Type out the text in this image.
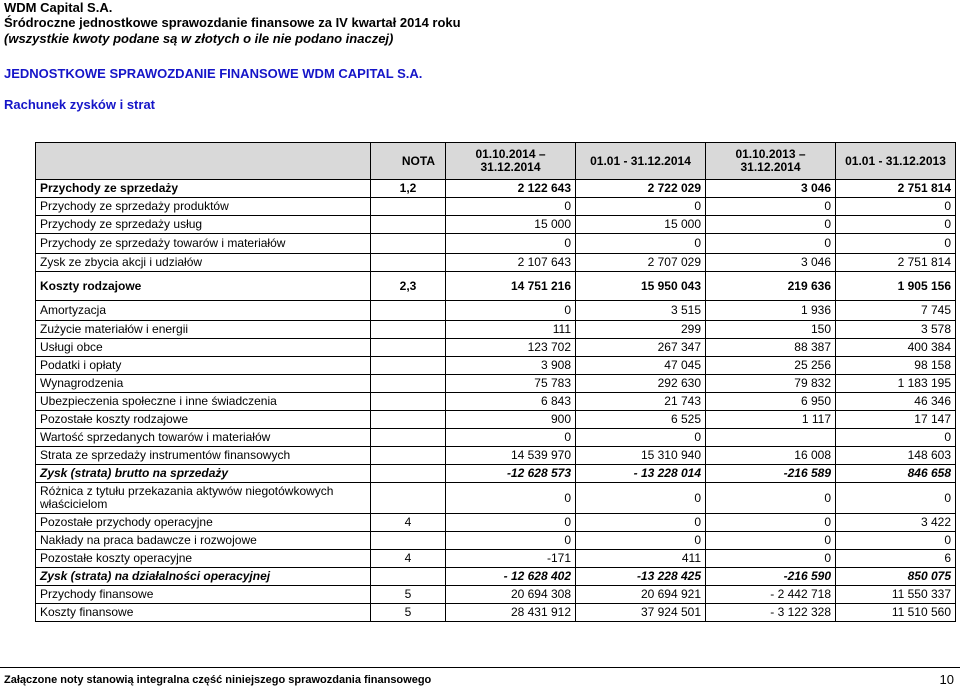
WDM Capital S.A.
Śródroczne jednostkowe sprawozdanie finansowe za IV kwartał 2014 roku
(wszystkie kwoty podane są w złotych o ile nie podano inaczej)
JEDNOSTKOWE SPRAWOZDANIE FINANSOWE WDM CAPITAL S.A.
Rachunek zysków i strat
	NOTA	01.10.2014 – 31.12.2014	01.01 - 31.12.2014	01.10.2013 – 31.12.2014	01.01 - 31.12.2013
Przychody ze sprzedaży	1,2	2 122 643	2 722 029	3 046	2 751 814
Przychody ze sprzedaży produktów		0	0	0	0
Przychody ze sprzedaży usług		15 000	15 000	0	0
Przychody ze sprzedaży towarów i materiałów		0	0	0	0
Zysk ze zbycia akcji i udziałów		2 107 643	2 707 029	3 046	2 751 814
Koszty rodzajowe	2,3	14 751 216	15 950 043	219 636	1 905 156
Amortyzacja		0	3 515	1 936	7 745
Zużycie materiałów i energii		111	299	150	3 578
Usługi obce		123 702	267 347	88 387	400 384
Podatki i opłaty		3 908	47 045	25 256	98 158
Wynagrodzenia		75 783	292 630	79 832	1 183 195
Ubezpieczenia społeczne i inne świadczenia		6 843	21 743	6 950	46 346
Pozostałe koszty rodzajowe		900	6 525	1 117	17 147
Wartość sprzedanych towarów i materiałów		0	0		0
Strata ze sprzedaży instrumentów finansowych		14 539 970	15 310 940	16 008	148 603
Zysk (strata) brutto na sprzedaży		-12 628 573	- 13 228 014	-216 589	846 658
Różnica z tytułu przekazania aktywów niegotówkowych właścicielom		0	0	0	0
Pozostałe przychody operacyjne	4	0	0	0	3 422
Nakłady na praca badawcze i rozwojowe		0	0	0	0
Pozostałe koszty operacyjne	4	-171	411	0	6
Zysk (strata) na działalności operacyjnej		- 12 628 402	-13 228 425	-216 590	850 075
Przychody finansowe	5	20 694 308	20 694 921	- 2 442 718	11 550 337
Koszty finansowe	5	28 431 912	37 924 501	- 3 122 328	11 510 560
Załączone noty stanowią integralna część niniejszego sprawozdania finansowego	10
